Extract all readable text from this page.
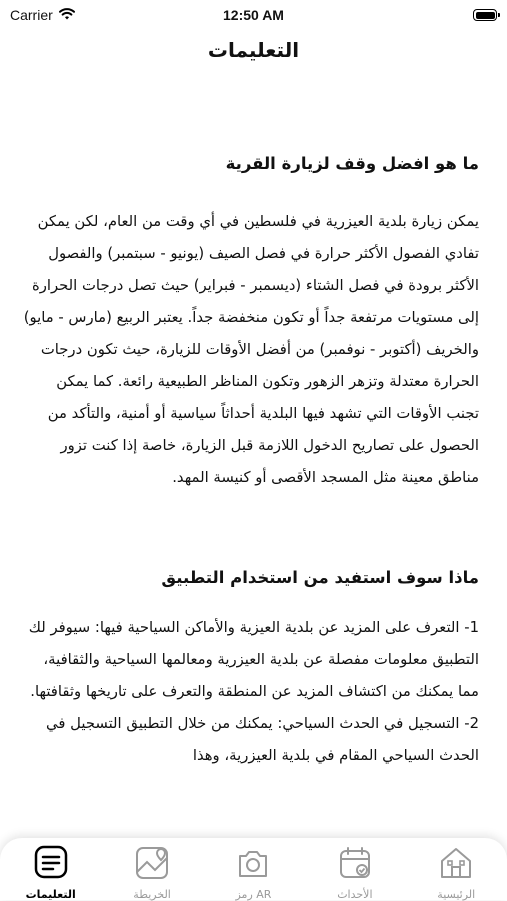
Carrier	12:50 AM
التعليمات
ما هو افضل وقف لزيارة القرية

يمكن زيارة بلدية العيزرية في فلسطين في أي وقت من العام، لكن يمكن تفادي الفصول الأكثر حرارة في فصل الصيف (يونيو - سبتمبر) والفصول الأكثر برودة في فصل الشتاء (ديسمبر - فبراير) حيث تصل درجات الحرارة إلى مستويات مرتفعة جداً أو تكون منخفضة جداً. يعتبر الربيع (مارس - مايو) والخريف (أكتوبر - نوفمبر) من أفضل الأوقات للزيارة، حيث تكون درجات الحرارة معتدلة وتزهر الزهور وتكون المناظر الطبيعية رائعة. كما يمكن تجنب الأوقات التي تشهد فيها البلدية أحداثاً سياسية أو أمنية، والتأكد من الحصول على تصاريح الدخول اللازمة قبل الزيارة، خاصة إذا كنت تزور مناطق معينة مثل المسجد الأقصى أو كنيسة المهد.

ماذا سوف استفيد من استخدام التطبيق

1- التعرف على المزيد عن بلدية العيزية والأماكن السياحية فيها: سيوفر لك التطبيق معلومات مفصلة عن بلدية العيزرية ومعالمها السياحية والثقافية، مما يمكنك من اكتشاف المزيد عن المنطقة والتعرف على تاريخها وثقافتها.
2- التسجيل في الحدث السياحي: يمكنك من خلال التطبيق التسجيل في الحدث السياحي المقام في بلدية العيزرية، وهذا

التعليمات	الخريطة	رمز AR	الأحداث	الرئيسية
